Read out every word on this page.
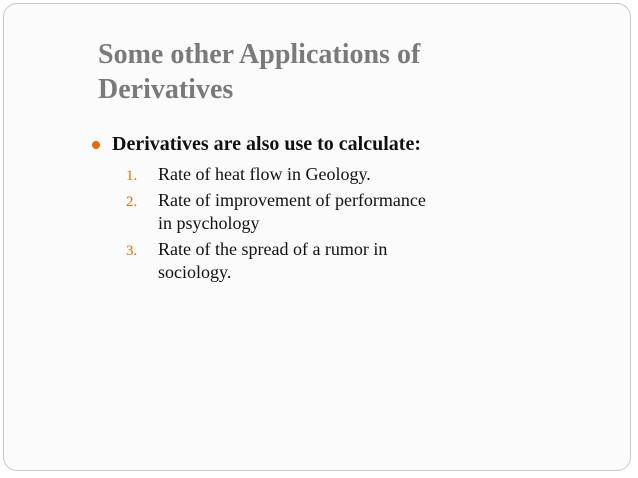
Some other Applications of Derivatives
Derivatives are also use to calculate:
1. Rate of heat flow in Geology.
2. Rate of improvement of performance in psychology
3. Rate of the spread of a rumor in sociology.
